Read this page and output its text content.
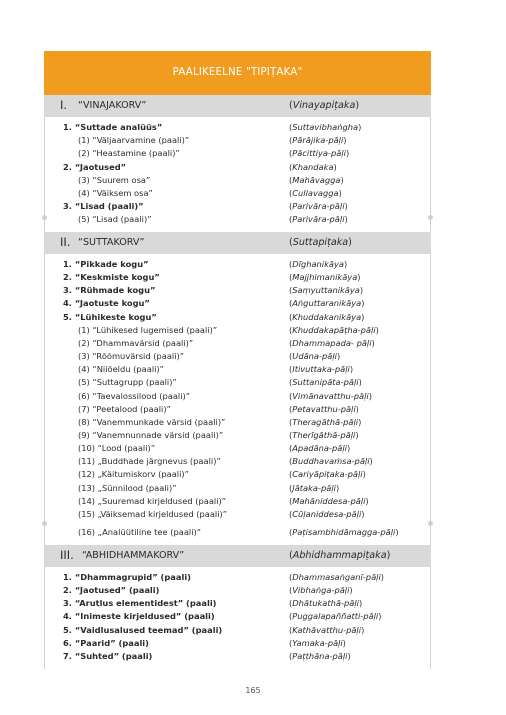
PAALIKEELNE "TIPIṬAKA"
I. “VINAJAKORV”	(Vinayapiṭaka)
1. “Suttade analüüs”	(Suttavibhaṅgha)
(1) “Väljaarvamine (paali)”	(Pārājika-pāḷi)
(2) “Heastamine (paali)”	(Pācittiya-pāḷi)
2. “Jaotused”	(Khandaka)
(3) “Suurem osa”	(Mahāvagga)
(4) “Väiksem osa”	(Cullavagga)
3. “Lisad (paali)”	(Parivāra-pāḷi)
(5) “Lisad (paali)”	(Parivāra-pāḷi)
II. “SUTTAKORV”	(Suttapiṭaka)
1. “Pikkade kogu”	(Dīghanikāya)
2. “Keskmiste kogu”	(Majjhimanikāya)
3. “Rühmade kogu”	(Saṃyuttanikāya)
4. “Jaotuste kogu”	(Aṅguttaranikāya)
5. “Lühikeste kogu”	(Khuddakanikāya)
(1) “Lühikesed lugemised (paali)”	(Khuddakapāṭha-pāḷi)
(2) “Dhammavärsid (paali)”	(Dhammapada- pāḷi)
(3) “Rõõmuvärsid (paali)”	(Udāna-pāḷi)
(4) “Niiöeldu (paali)”	(Itivuttaka-pāḷi)
(5) “Suttagrupp (paali)”	(Suttanipāta-pāḷi)
(6) “Taevalossilood (paali)”	(Vimānavatthu-pāḷi)
(7) “Peetalood (paali)”	(Petavatthu-pāḷi)
(8) “Vanemmunkade värsid (paali)”	(Theragāthā-pāḷi)
(9) “Vanemnunnade värsid (paali)”	(Therīgāthā-pāḷi)
(10) “Lood (paali)”	(Apadāna-pāḷi)
(11) „Buddhade järgnevus (paali)”	(Buddhavaṁsa-pāḷi)
(12) „Käitumiskorv (paali)”	(Cariyāpiṭaka-pāḷi)
(13) „Sünnilood (paali)”	(Jātaka-pāḷi)
(14) „Suuremad kirjeldused (paali)”	(Mahāniddesa-pāḷi)
(15) „Väiksemad kirjeldused (paali)”	(Cūḷaniddesa-pāḷi)
(16) „Analüütiline tee (paali)”	(Paṭisambhidāmagga-pāḷi)
III. “ABHIDHAMMAKORV”	(Abhidhammapiṭaka)
1. “Dhammagrupid” (paali)	(Dhammasaṅganī-pāḷi)
2. “Jaotused” (paali)	(Vibhaṅga-pāḷi)
3. “Arutlus elementidest” (paali)	(Dhātukathā-pāḷi)
4. “Inimeste kirjeldused” (paali)	(Puggalapaññatti-pāḷi)
5. “Vaidlusalused teemad” (paali)	(Kathāvatthu-pāḷi)
6. “Paarid” (paali)	(Yamaka-pāḷi)
7. “Suhted” (paali)	(Paṭṭhāna-pāḷi)
165
